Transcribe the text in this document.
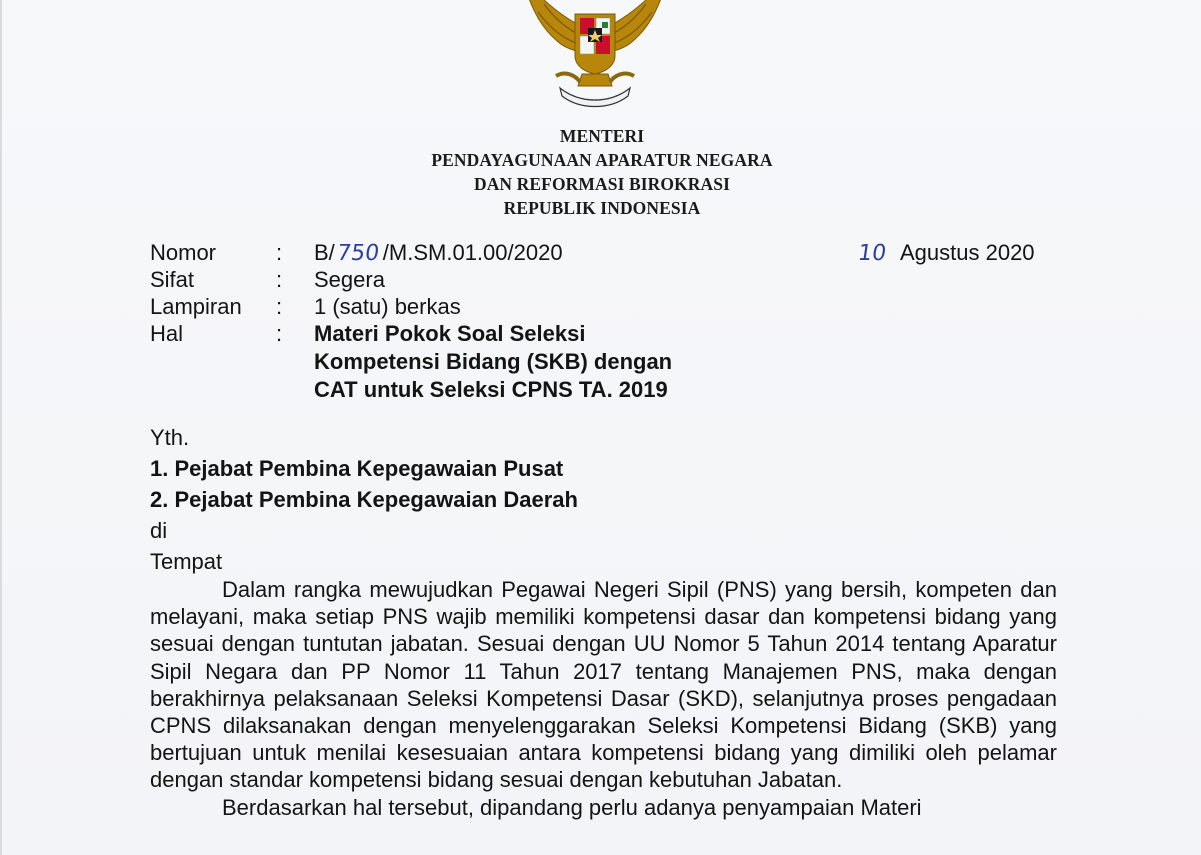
MENTERI
PENDAYAGUNAAN APARATUR NEGARA
DAN REFORMASI BIROKRASI
REPUBLIK INDONESIA
Nomor	: B/750 /M.SM.01.00/2020	10 Agustus 2020
Sifat	: Segera
Lampiran : 1 (satu) berkas
Hal	: Materi Pokok Soal Seleksi
Kompetensi Bidang (SKB) dengan
CAT untuk Seleksi CPNS TA. 2019
Yth.
1. Pejabat Pembina Kepegawaian Pusat
2. Pejabat Pembina Kepegawaian Daerah
di
Tempat

Dalam rangka mewujudkan Pegawai Negeri Sipil (PNS) yang bersih, kompeten dan melayani, maka setiap PNS wajib memiliki kompetensi dasar dan kompetensi bidang yang sesuai dengan tuntutan jabatan. Sesuai dengan UU Nomor 5 Tahun 2014 tentang Aparatur Sipil Negara dan PP Nomor 11 Tahun 2017 tentang Manajemen PNS, maka dengan berakhirnya pelaksanaan Seleksi Kompetensi Dasar (SKD), selanjutnya proses pengadaan CPNS dilaksanakan dengan menyelenggarakan Seleksi Kompetensi Bidang (SKB) yang bertujuan untuk menilai kesesuaian antara kompetensi bidang yang dimiliki oleh pelamar dengan standar kompetensi bidang sesuai dengan kebutuhan Jabatan.

Berdasarkan hal tersebut, dipandang perlu adanya penyampaian Materi
